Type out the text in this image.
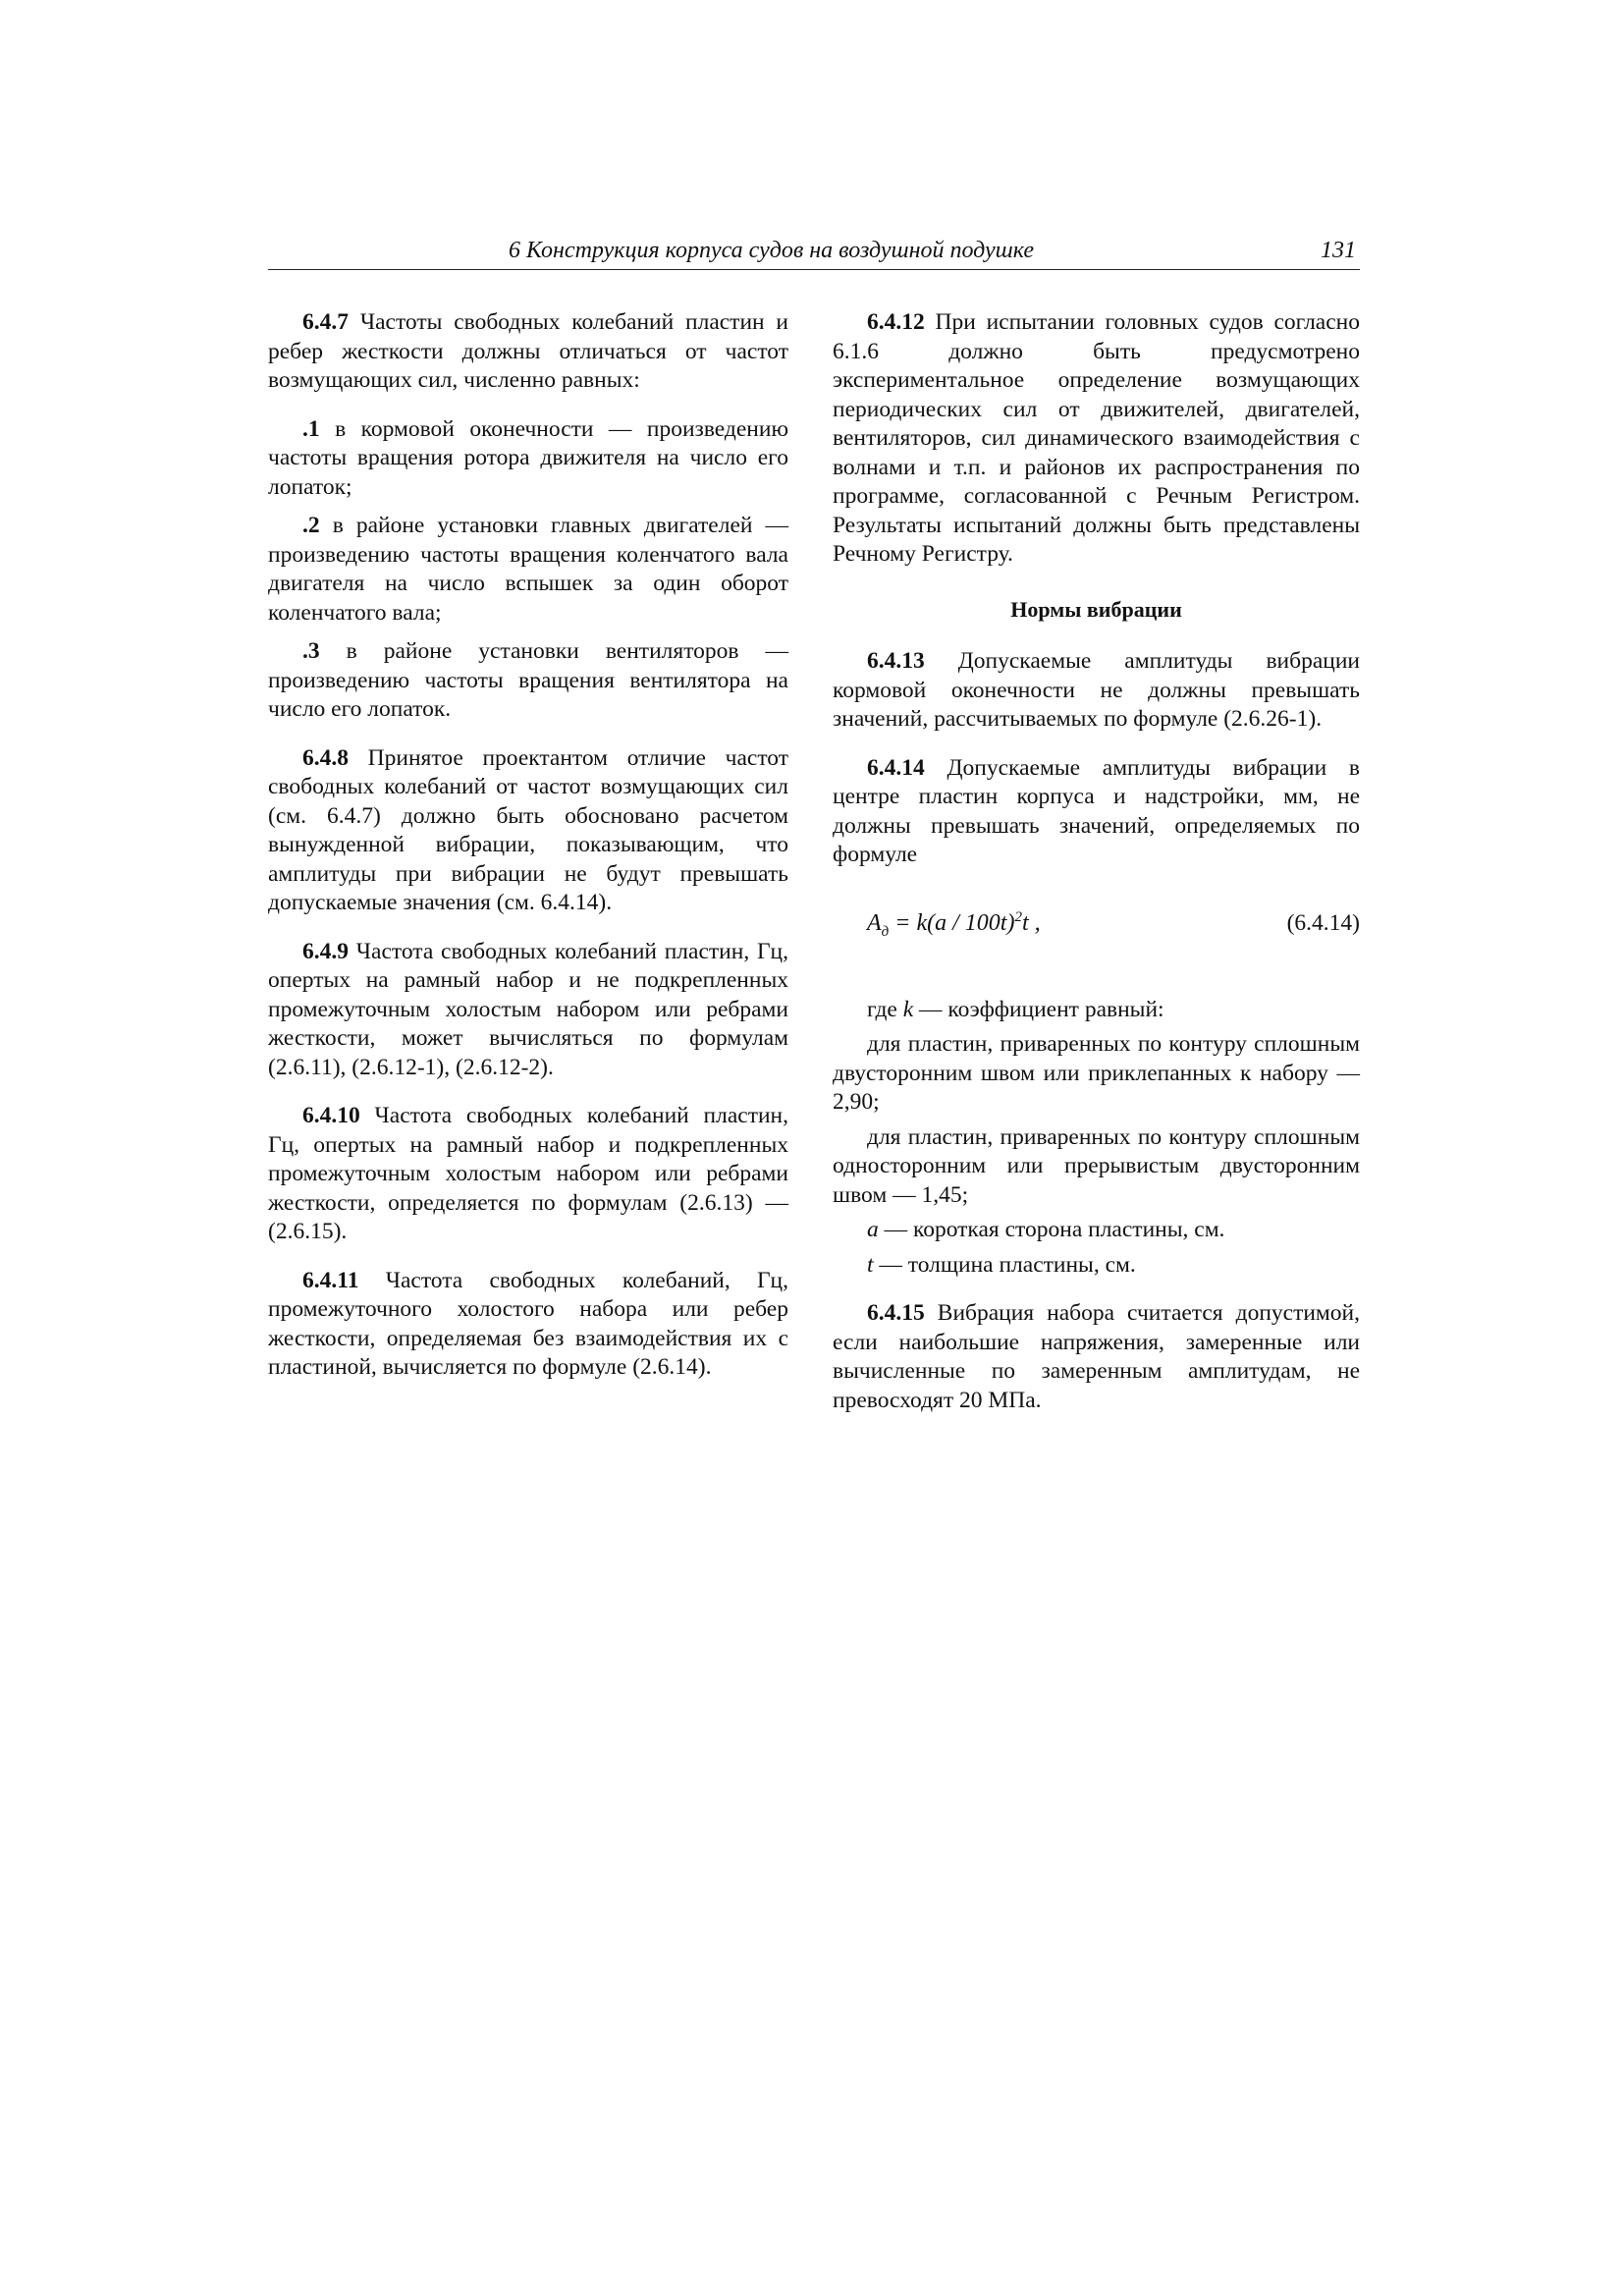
6 Конструкция корпуса судов на воздушной подушке	131

6.4.7 Частоты свободных колебаний пластин и ребер жесткости должны отличаться от частот возмущающих сил, численно равных:

.1 в кормовой оконечности — произведению частоты вращения ротора движителя на число его лопаток;

.2 в районе установки главных двигателей — произведению частоты вращения коленчатого вала двигателя на число вспышек за один оборот коленчатого вала;

.3 в районе установки вентиляторов — произведению частоты вращения вентилятора на число его лопаток.

6.4.8 Принятое проектантом отличие частот свободных колебаний от частот возмущающих сил (см. 6.4.7) должно быть обосновано расчетом вынужденной вибрации, показывающим, что амплитуды при вибрации не будут превышать допускаемые значения (см. 6.4.14).

6.4.9 Частота свободных колебаний пластин, Гц, опертых на рамный набор и не подкрепленных промежуточным холостым набором или ребрами жесткости, может вычисляться по формулам (2.6.11), (2.6.12-1), (2.6.12-2).

6.4.10 Частота свободных колебаний пластин, Гц, опертых на рамный набор и подкрепленных промежуточным холостым набором или ребрами жесткости, определяется по формулам (2.6.13) — (2.6.15).

6.4.11 Частота свободных колебаний, Гц, промежуточного холостого набора или ребер жесткости, определяемая без взаимодействия их с пластиной, вычисляется по формуле (2.6.14).

6.4.12 При испытании головных судов согласно 6.1.6 должно быть предусмотрено экспериментальное определение возмущающих периодических сил от движителей, двигателей, вентиляторов, сил динамического взаимодействия с волнами и т.п. и районов их распространения по программе, согласованной с Речным Регистром. Результаты испытаний должны быть представлены Речному Регистру.

Нормы вибрации

6.4.13 Допускаемые амплитуды вибрации кормовой оконечности не должны превышать значений, рассчитываемых по формуле (2.6.26-1).

6.4.14 Допускаемые амплитуды вибрации в центре пластин корпуса и надстройки, мм, не должны превышать значений, определяемых по формуле

$A_д = k(a / 100t)^2t$ ,	(6.4.14)

где k — коэффициент равный:

для пластин, приваренных по контуру сплошным двусторонним швом или приклепанных к набору — 2,90;

для пластин, приваренных по контуру сплошным односторонним или прерывистым двусторонним швом — 1,45;

a — короткая сторона пластины, см.

t — толщина пластины, см.

6.4.15 Вибрация набора считается допустимой, если наибольшие напряжения, замеренные или вычисленные по замеренным амплитудам, не превосходят 20 МПа.
